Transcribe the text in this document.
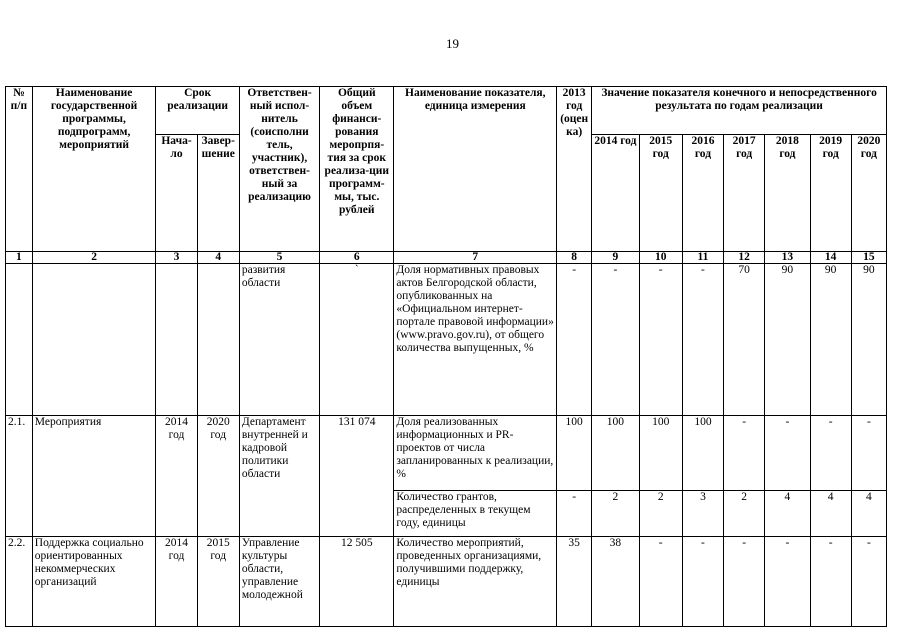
19
№ п/п	Наименование государственной программы, подпрограмм, мероприятий	Срок реализации		Ответствен-ный испол-нитель (соисполни тель, участник), ответствен-ный за реализацию	Общий объем финанси-рования меропрпя-тия за срок реализа-ции программ-мы, тыс. рублей	Наименование показателя, единица измерения	2013 год (оцен ка)	Значение показателя конечного и непосредственного результата по годам реализации						
		Нача-ло	Завер-шение					2014 год	2015 год	2016 год	2017 год	2018 год	2019 год	2020 год
1	2	3	4	5	6	7	8	9	10	11	12	13	14	15
				развития области	`	Доля нормативных правовых актов Белгородской области, опубликованных на «Официальном интернет-портале правовой информации» (www.pravo.gov.ru), от общего количества выпущенных, %	-	-	-	-	70	90	90	90
2.1.	Мероприятия	2014 год	2020 год	Департамент внутренней и кадровой политики области	131 074	Доля реализованных информационных и PR-проектов от числа запланированных к реализации, %	100	100	100	100	-	-	-	-
						Количество грантов, распределенных в текущем году, единицы	-	2	2	3	2	4	4	4
2.2.	Поддержка социально ориентированных некоммерческих организаций	2014 год	2015 год	Управление культуры области, управление молодежной	12 505	Количество мероприятий, проведенных организациями, получившими поддержку, единицы	35	38	-	-	-	-	-	-
